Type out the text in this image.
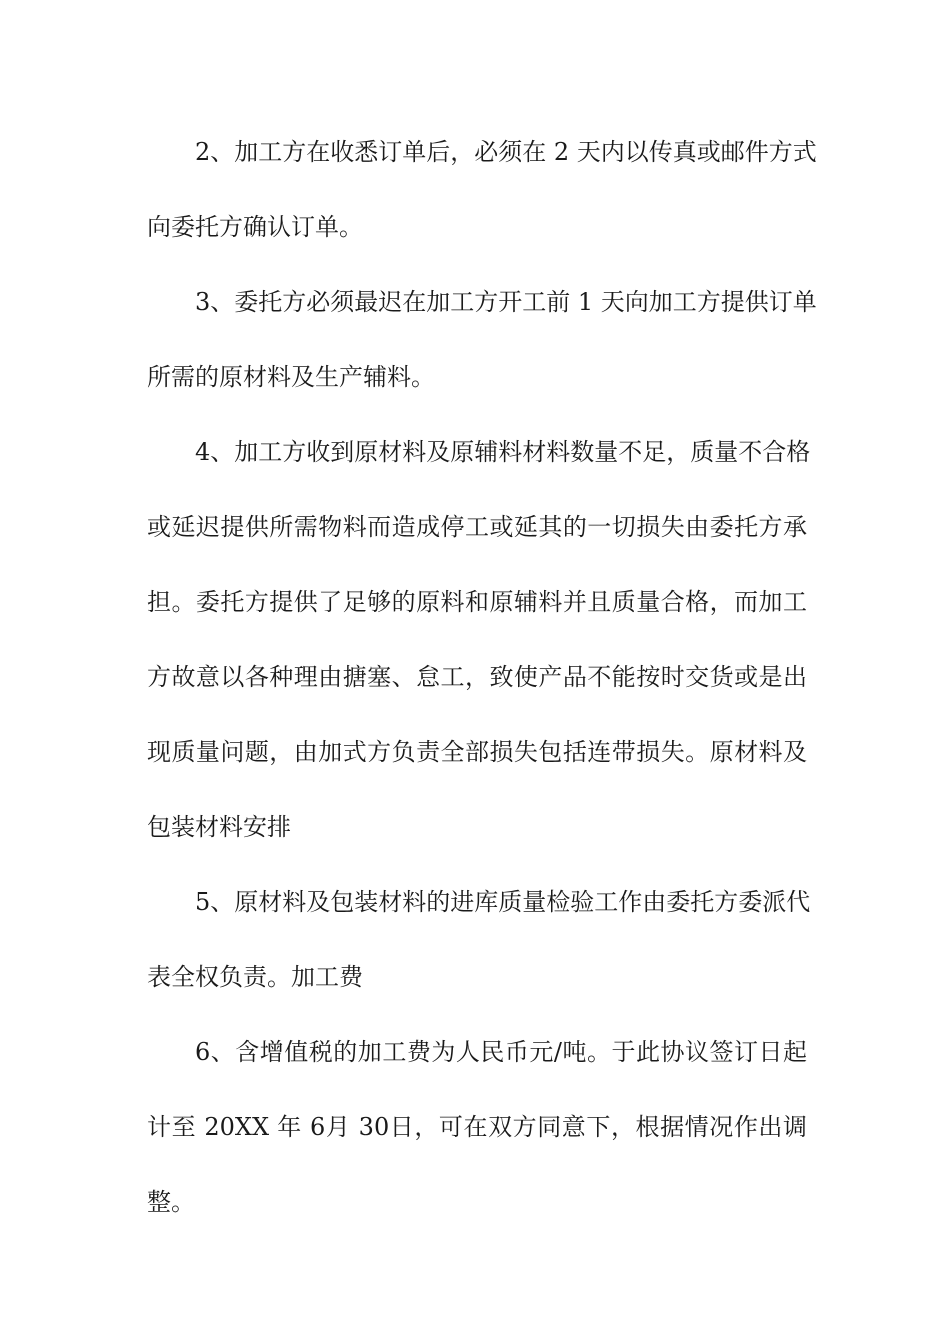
2、加工方在收悉订单后，必须在 2 天内以传真或邮件方式
向委托方确认订单。
3、委托方必须最迟在加工方开工前 1 天向加工方提供订单
所需的原材料及生产辅料。
4、加工方收到原材料及原辅料材料数量不足，质量不合格
或延迟提供所需物料而造成停工或延其的一切损失由委托方承
担。委托方提供了足够的原料和原辅料并且质量合格，而加工
方故意以各种理由搪塞、怠工，致使产品不能按时交货或是出
现质量问题，由加式方负责全部损失包括连带损失。原材料及
包装材料安排
5、原材料及包装材料的进库质量检验工作由委托方委派代
表全权负责。加工费
6、含增值税的加工费为人民币元/吨。于此协议签订日起
计至 20XX 年 6月 30日，可在双方同意下，根据情况作出调
整。
